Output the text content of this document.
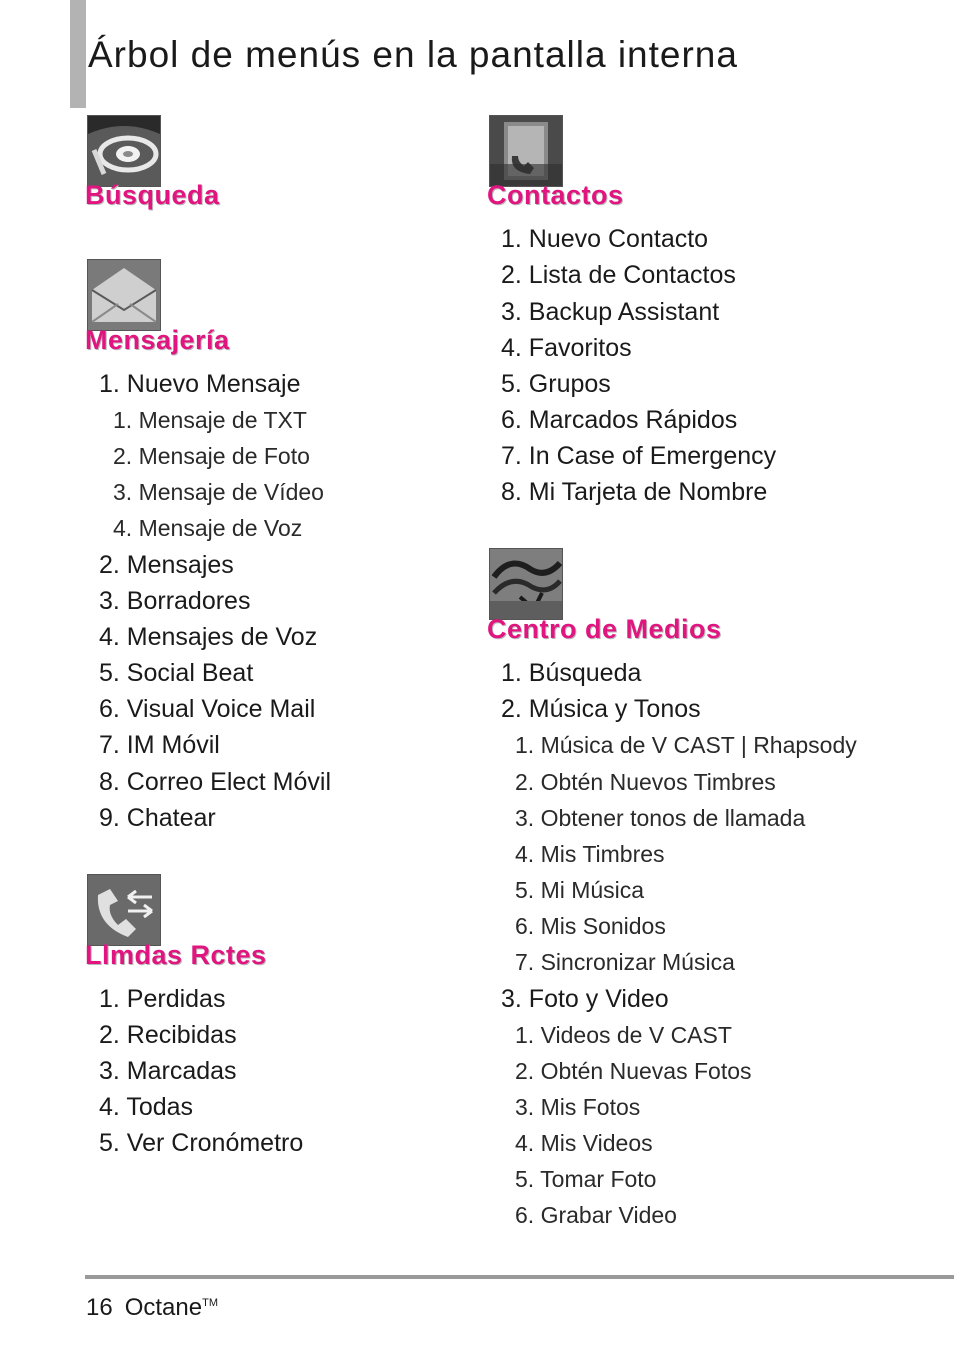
Árbol de menús en la pantalla interna
Búsqueda
Mensajería
1. Nuevo Mensaje
1. Mensaje de TXT
2. Mensaje de Foto
3. Mensaje de Vídeo
4. Mensaje de Voz
2. Mensajes
3. Borradores
4. Mensajes de Voz
5. Social Beat
6. Visual Voice Mail
7. IM Móvil
8. Correo Elect Móvil
9. Chatear
Llmdas Rctes
1. Perdidas
2. Recibidas
3. Marcadas
4. Todas
5. Ver Cronómetro
Contactos
1. Nuevo Contacto
2. Lista de Contactos
3. Backup Assistant
4. Favoritos
5. Grupos
6. Marcados Rápidos
7. In Case of Emergency
8. Mi Tarjeta de Nombre
Centro de Medios
1. Búsqueda
2. Música y Tonos
1. Música de V CAST | Rhapsody
2. Obtén Nuevos Timbres
3. Obtener tonos de llamada
4. Mis Timbres
5. Mi Música
6. Mis Sonidos
7. Sincronizar Música
3. Foto y Video
1. Videos de V CAST
2. Obtén Nuevas Fotos
3. Mis Fotos
4. Mis Videos
5. Tomar Foto
6. Grabar Video
16 Octane™
